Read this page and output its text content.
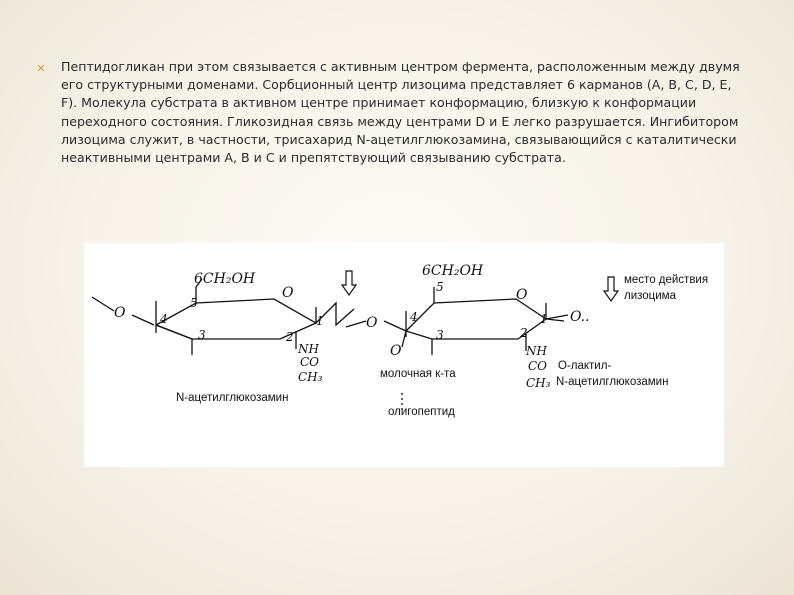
✕ Пептидогликан при этом связывается с активным центром фермента, расположенным между двумя его структурными доменами. Сорбционный центр лизоцима представляет 6 карманов (А, В, С, D, E, F). Молекула субстрата в активном центре принимает конформацию, близкую к конформации переходного состояния. Гликозидная связь между центрами D и E легко разрушается. Ингибитором лизоцима служит, в частности, трисахарид N-ацетилглюкозамина, связывающийся с каталитически неактивными центрами А, В и С и препятствующий связыванию субстрата.
6CH₂OH
O
O
5
4
3	2
1
NH
CO
CH₃
O
6CH₂OH
O
5
4
3	2
1
O
O..
NH
CO
CH₃
N-ацетилглюкозамин
молочная к-та
олигопептид
О-лактил-
N-ацетилглюкозамин
место действия
лизоцима
